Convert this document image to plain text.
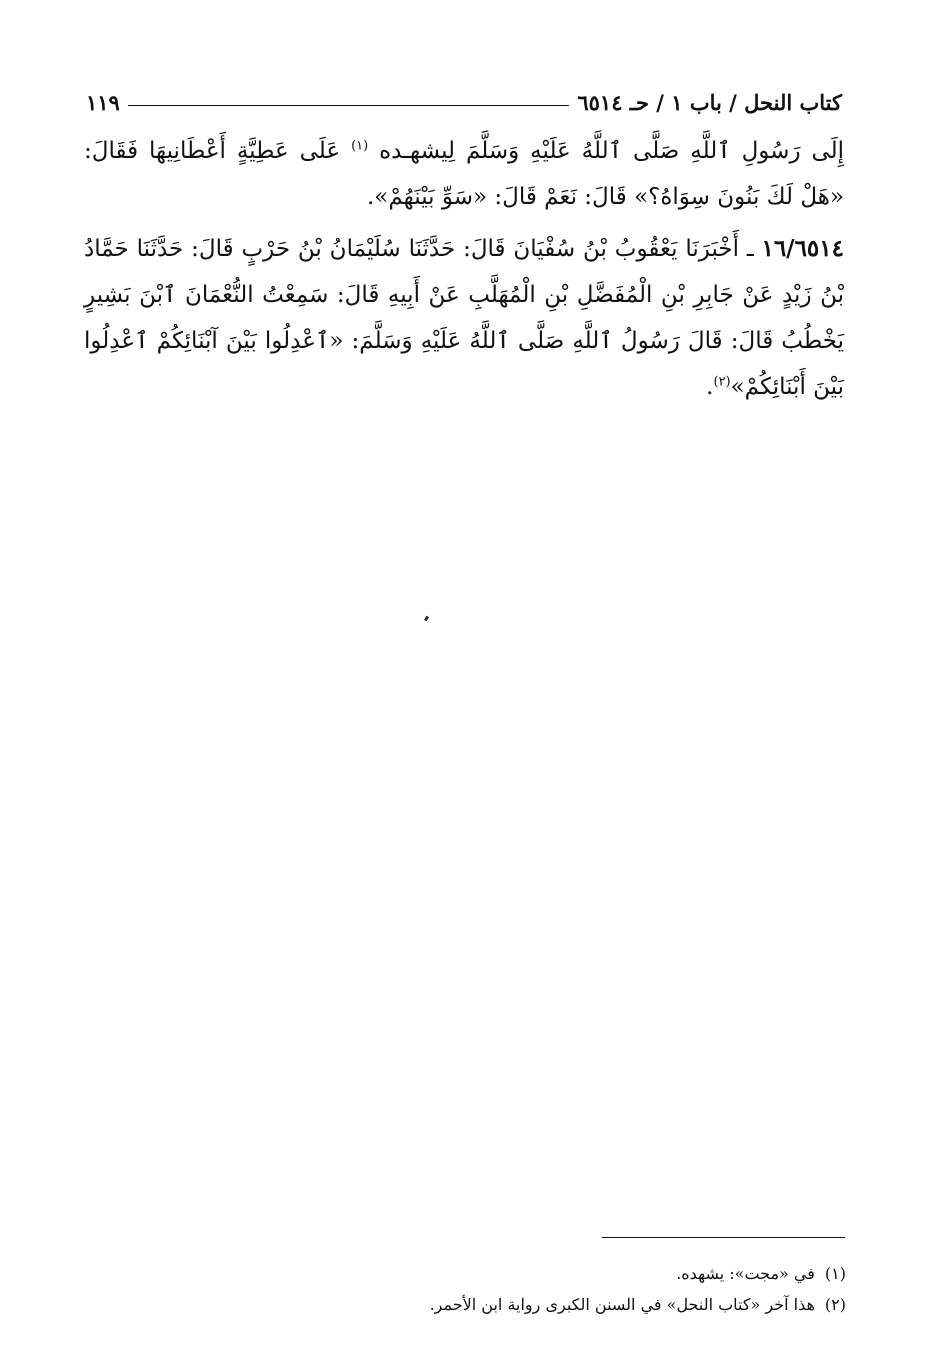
كتاب النحل / باب ١ / حـ ٦٥١٤
١١٩

إِلَى رَسُولِ ٱللَّهِ صَلَّى ٱللَّهُ عَلَيْهِ وَسَلَّمَ لِيشهـده $^{(١)}$ عَلَى عَطِيَّةٍ أَعْطَانِيهَا فَقَالَ: «هَلْ لَكَ بَنُونَ سِوَاهُ؟» قَالَ: نَعَمْ قَالَ: «سَوِّ بَيْنَهُمْ».

١٦/٦٥١٤ ـ أَخْبَرَنَا يَعْقُوبُ بْنُ سُفْيَانَ قَالَ: حَدَّثَنَا سُلَيْمَانُ بْنُ حَرْبٍ قَالَ: حَدَّثَنَا حَمَّادُ بْنُ زَيْدٍ عَنْ جَابِرِ بْنِ الْمُفَضَّلِ بْنِ الْمُهَلَّبِ عَنْ أَبِيهِ قَالَ: سَمِعْتُ النُّعْمَانَ ٱبْنَ بَشِيرٍ يَخْطُبُ قَالَ: قَالَ رَسُولُ ٱللَّهِ صَلَّى ٱللَّهُ عَلَيْهِ وَسَلَّمَ: «ٱعْدِلُوا بَيْنَ آبْنَائِكُمْ ٱعْدِلُوا بَيْنَ أَبْنَائِكُمْ»$^{(٢)}$.

(١)في «مجت»: يشهده.

(٢)هذا آخر «كتاب النحل» في السنن الكبرى رواية ابن الأحمر.
